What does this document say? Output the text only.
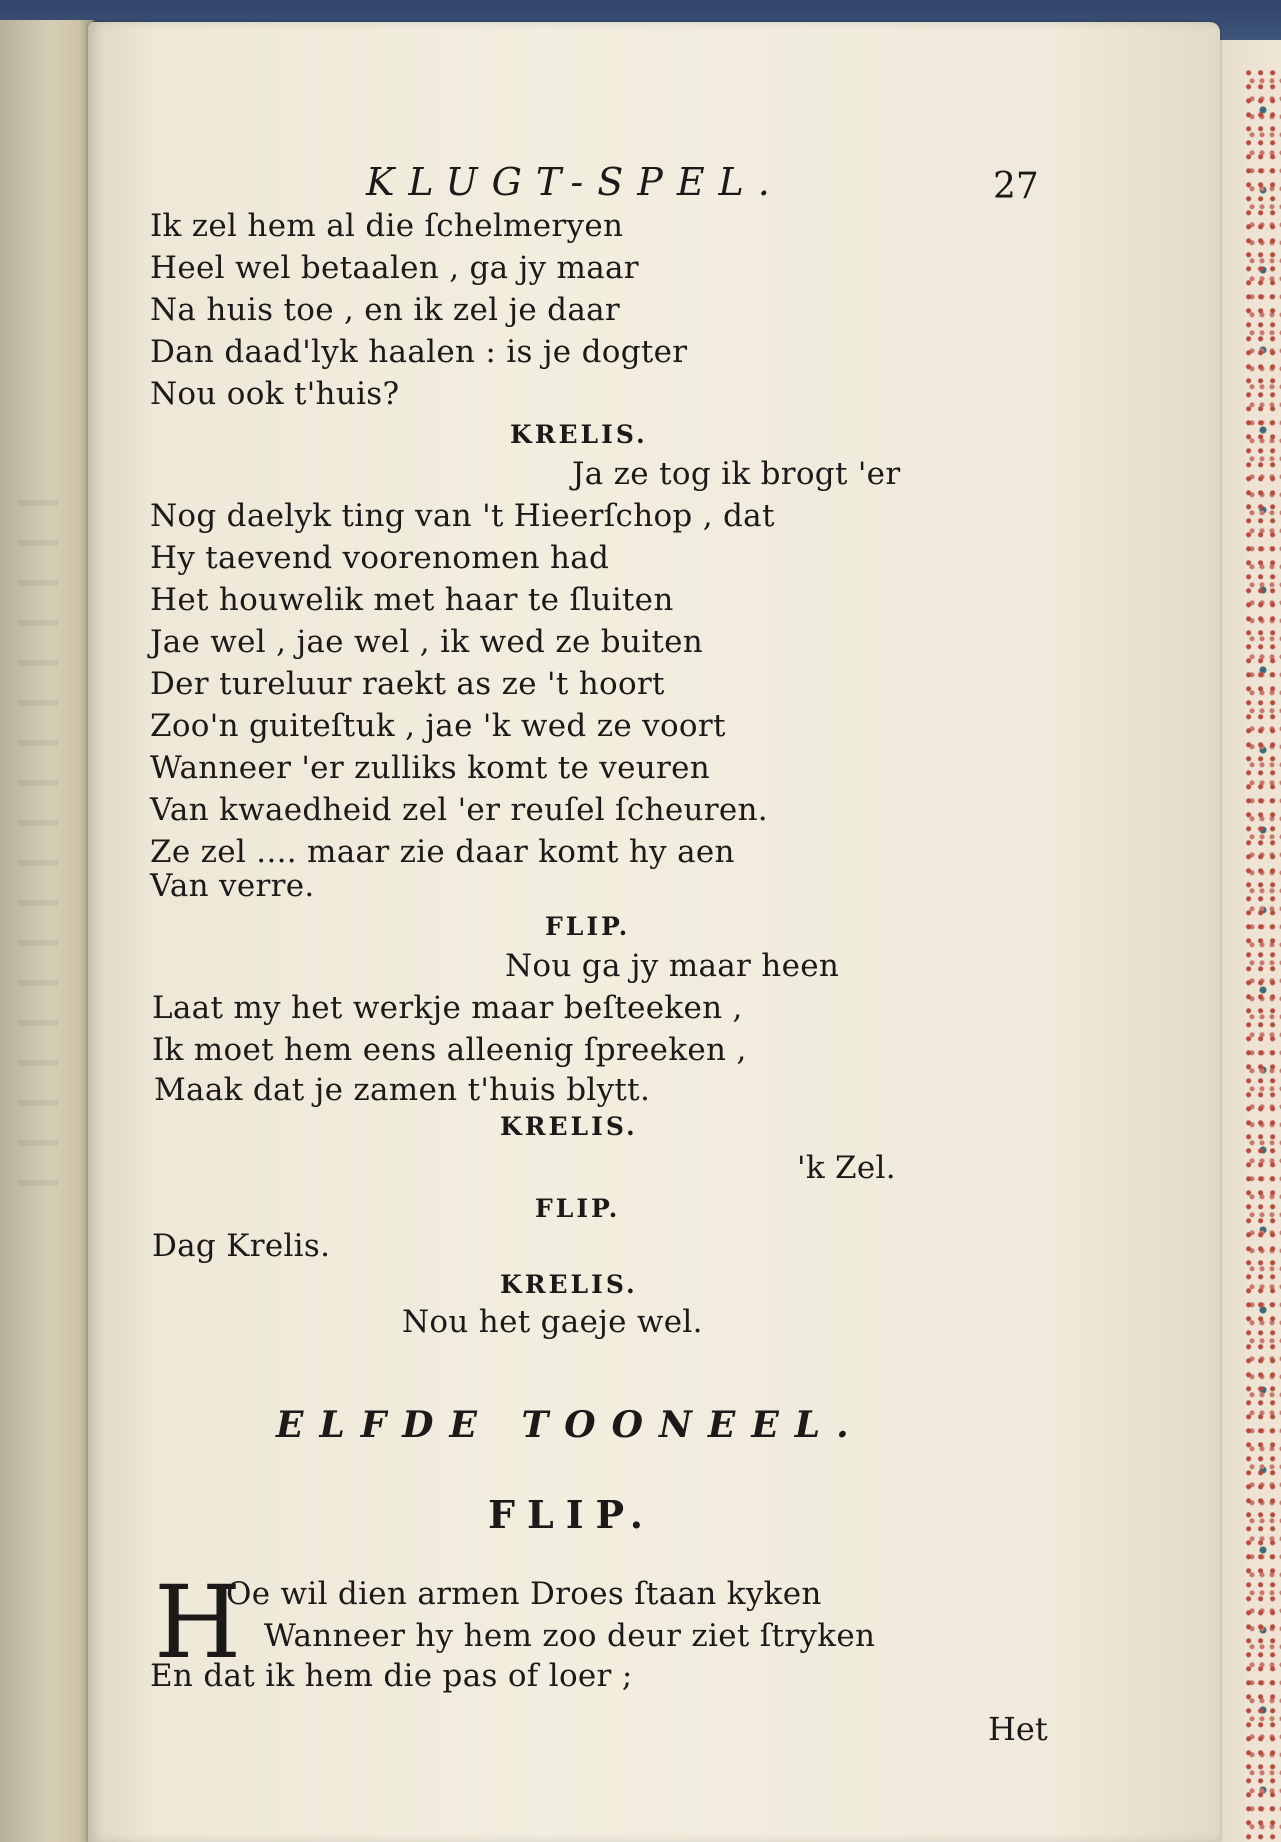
KLUGT-SPEL.	27
Ik zel hem al die ſchelmeryen
Heel wel betaalen , ga jy maar
Na huis toe , en ik zel je daar
Dan daad'lyk haalen : is je dogter
Nou ook t'huis?
KRELIS.
Ja ze tog ik brogt 'er
Nog daelyk ting van 't Hieerſchop , dat
Hy taevend voorenomen had
Het houwelik met haar te ſluiten
Jae wel , jae wel , ik wed ze buiten
Der tureluur raekt as ze 't hoort
Zoo'n guiteſtuk , jae 'k wed ze voort
Wanneer 'er zulliks komt te veuren
Van kwaedheid zel 'er reuſel ſcheuren.
Ze zel .... maar zie daar komt hy aen
Van verre.
FLIP.
Nou ga jy maar heen
Laat my het werkje maar beſteeken ,
Ik moet hem eens alleenig ſpreeken ,
Maak dat je zamen t'huis blytt.
KRELIS.
'k Zel.
FLIP.
Dag Krelis.
KRELIS.
Nou het gaeje wel.
ELFDE TOONEEL.
FLIP.
H
Oe wil dien armen Droes ſtaan kyken
Wanneer hy hem zoo deur ziet ſtryken
En dat ik hem die pas of loer ;
Het
